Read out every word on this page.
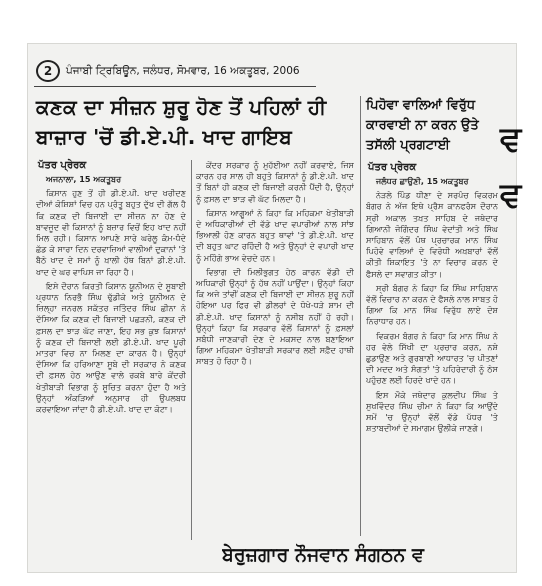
2	ਪੰਜਾਬੀ ਟ੍ਰਿਬਿਊਨ, ਜਲੰਧਰ, ਸੋਮਵਾਰ, 16 ਅਕਤੂਬਰ, 2006
ਕਣਕ ਦਾ ਸੀਜ਼ਨ ਸ਼ੁਰੂ ਹੋਣ ਤੋਂ ਪਹਿਲਾਂ ਹੀ
ਬਾਜ਼ਾਰ 'ਚੋਂ ਡੀ.ਏ.ਪੀ. ਖਾਦ ਗਾਇਬ
ਪਿਹੋਵਾ ਵਾਲਿਆਂ ਵਿਰੁੱਧ ਕਾਰਵਾਈ ਨਾ ਕਰਨ ਉਤੇ ਤਸੱਲੀ ਪ੍ਰਗਟਾਈ
ਪੱਤਰ ਪ੍ਰੇਰਕ

ਅਜਨਾਲਾ, 15 ਅਕਤੂਬਰ

ਕਿਸਾਨ ਹੁਣ ਤੋਂ ਹੀ ਡੀ.ਏ.ਪੀ. ਖਾਦ ਖਰੀਦਣ ਦੀਆਂ ਕੋਸ਼ਿਸ਼ਾਂ ਵਿਚ ਹਨ ਪ੍ਰੰਤੂ ਬਹੁਤ ਦੁੱਖ ਦੀ ਗੱਲ ਹੈ ਕਿ ਕਣਕ ਦੀ ਬਿਜਾਈ ਦਾ ਸੀਜ਼ਨ ਨਾ ਹੋਣ ਦੇ ਬਾਵਜੂਦ ਵੀ ਕਿਸਾਨਾਂ ਨੂੰ ਬਜ਼ਾਰ ਵਿਚੋਂ ਇਹ ਖਾਦ ਨਹੀਂ ਮਿਲ ਰਹੀ। ਕਿਸਾਨ ਆਪਣੇ ਸਾਰੇ ਘਰੇਲੂ ਕੰਮ-ਧੰਦੇ ਛੱਡ ਕੇ ਸਾਰਾ ਦਿਨ ਦਰਵਾਜ਼ਿਆਂ ਵਾਲੀਆਂ ਦੁਕਾਨਾਂ 'ਤੇ ਬੈਠੇ ਖਾਦ ਦੇ ਸਮਾਂ ਨੂੰ ਖ਼ਾਲੀ ਹੱਥ ਬਿਨਾਂ ਡੀ.ਏ.ਪੀ. ਖਾਦ ਦੇ ਘਰ ਵਾਪਿਸ ਜਾ ਰਿਹਾ ਹੈ।

ਇਸੇ ਦੌਰਾਨ ਕਿਰਤੀ ਕਿਸਾਨ ਯੂਨੀਅਨ ਦੇ ਸੂਬਾਈ ਪ੍ਰਧਾਨ ਨਿਰਭੈ ਸਿੰਘ ਢੁੱਡੀਕੇ ਅਤੇ ਯੂਨੀਅਨ ਦੇ ਜ਼ਿਲ੍ਹਾ ਜਨਰਲ ਸਕੱਤਰ ਜਤਿੰਦਰ ਸਿੰਘ ਛੀਨਾ ਨੇ ਦੱਸਿਆ ਕਿ ਕਣਕ ਦੀ ਬਿਜਾਈ ਪਛੜਨੀ, ਕਣਕ ਦੀ ਫ਼ਸਲ ਦਾ ਝਾੜ ਘੱਟ ਜਾਣਾ, ਇਹ ਸਭ ਕੁਝ ਕਿਸਾਨਾਂ ਨੂੰ ਕਣਕ ਦੀ ਬਿਜਾਈ ਲਈ ਡੀ.ਏ.ਪੀ. ਖਾਦ ਪੂਰੀ ਮਾਤਰਾ ਵਿਚ ਨਾ ਮਿਲਣ ਦਾ ਕਾਰਨ ਹੈ। ਉਨ੍ਹਾਂ ਦੱਸਿਆ ਕਿ ਹਰਿਆਣਾ ਸੂਬੇ ਦੀ ਸਰਕਾਰ ਨੇ ਕਣਕ ਦੀ ਫ਼ਸਲ ਹੇਠ ਆਉਣ ਵਾਲੇ ਰਕਬੇ ਬਾਰੇ ਕੇਂਦਰੀ ਖੇਤੀਬਾੜੀ ਵਿਭਾਗ ਨੂੰ ਸੂਚਿਤ ਕਰਨਾ ਹੁੰਦਾ ਹੈ ਅਤੇ ਉਨ੍ਹਾਂ ਅੰਕੜਿਆਂ ਅਨੁਸਾਰ ਹੀ ਉਪਲਬਧ ਕਰਵਾਇਆ ਜਾਂਦਾ ਹੈ ਡੀ.ਏ.ਪੀ. ਖਾਦ ਦਾ ਕੋਟਾ।

ਕੇਂਦਰ ਸਰਕਾਰ ਨੂੰ ਮੁਹੱਈਆ ਨਹੀਂ ਕਰਵਾਏ, ਜਿਸ ਕਾਰਨ ਹਰ ਸਾਲ ਹੀ ਬਹੁਤੇ ਕਿਸਾਨਾਂ ਨੂੰ ਡੀ.ਏ.ਪੀ. ਖਾਦ ਤੋਂ ਬਿਨਾਂ ਹੀ ਕਣਕ ਦੀ ਬਿਜਾਈ ਕਰਨੀ ਪੈਂਦੀ ਹੈ, ਉਨ੍ਹਾਂ ਨੂੰ ਫ਼ਸਲ ਦਾ ਝਾੜ ਵੀ ਘੱਟ ਮਿਲਦਾ ਹੈ।

ਕਿਸਾਨ ਆਗੂਆਂ ਨੇ ਕਿਹਾ ਕਿ ਮਹਿਕਮਾ ਖੇਤੀਬਾੜੀ ਦੇ ਅਧਿਕਾਰੀਆਂ ਦੀ ਵੱਡੇ ਖਾਦ ਵਪਾਰੀਆਂ ਨਾਲ ਸਾਂਝ ਭਿਆਲੀ ਹੋਣ ਕਾਰਨ ਬਹੁਤ ਥਾਵਾਂ 'ਤੇ ਡੀ.ਏ.ਪੀ. ਖਾਦ ਦੀ ਬਹੁਤ ਘਾਟ ਰਹਿੰਦੀ ਹੈ ਅਤੇ ਉਨ੍ਹਾਂ ਦੇ ਵਪਾਰੀ ਖਾਦ ਨੂੰ ਮਹਿੰਗੇ ਭਾਅ ਵੇਚਦੇ ਹਨ।

ਵਿਭਾਗ ਦੀ ਮਿਲੀਭੁਗਤ ਹੇਠ ਕਾਰਨ ਵੱਡੀ ਦੀ ਅਧਿਕਾਰੀ ਉਨ੍ਹਾਂ ਨੂੰ ਹੱਥ ਨਹੀਂ ਪਾਉਂਦਾ। ਉਨ੍ਹਾਂ ਕਿਹਾ ਕਿ ਅਜੇ ਤਾਂਵੀਂ ਕਣਕ ਦੀ ਬਿਜਾਈ ਦਾ ਸੀਜ਼ਨ ਸ਼ੁਰੂ ਨਹੀਂ ਹੋਇਆ ਪਰ ਫਿਰ ਵੀ ਡੀਲਰਾਂ ਦੇ ਧੋਖੇ-ਧੜੇ ਸ਼ਾਮ ਦੀ ਡੀ.ਏ.ਪੀ. ਖਾਦ ਕਿਸਾਨਾਂ ਨੂੰ ਨਸੀਬ ਨਹੀਂ ਹੋ ਰਹੀ। ਉਨ੍ਹਾਂ ਕਿਹਾ ਕਿ ਸਰਕਾਰ ਵੱਲੋਂ ਕਿਸਾਨਾਂ ਨੂੰ ਫ਼ਸਲਾਂ ਸਬੰਧੀ ਜਾਣਕਾਰੀ ਦੇਣ ਦੇ ਮਕਸਦ ਨਾਲ ਬਣਾਇਆ ਗਿਆ ਮਹਿਕਮਾ ਖੇਤੀਬਾੜੀ ਸਰਕਾਰ ਲਈ ਸਫ਼ੈਦ ਹਾਥੀ ਸਾਬਤ ਹੋ ਰਿਹਾ ਹੈ।

ਪੱਤਰ ਪ੍ਰੇਰਕ

ਜਲੰਧਰ ਛਾਉਣੀ, 15 ਅਕਤੂਬਰ

ਨੇੜਲੇ ਪਿੰਡ ਧੀਣਾ ਦੇ ਸਰਪੰਚ ਵਿਕਰਮ ਬੰਗਰ ਨੇ ਅੱਜ ਇਥੇ ਪ੍ਰੈਸ ਕਾਨਫਰੰਸ ਦੌਰਾਨ ਸ੍ਰੀ ਅਕਾਲ ਤਖ਼ਤ ਸਾਹਿਬ ਦੇ ਜਥੇਦਾਰ ਗਿਆਨੀ ਜੋਗਿੰਦਰ ਸਿੰਘ ਵੇਦਾਂਤੀ ਅਤੇ ਸਿੰਘ ਸਾਹਿਬਾਨ ਵੱਲੋਂ ਪੰਥ ਪ੍ਰਚਾਰਕ ਮਾਨ ਸਿੰਘ ਪਿਹੋਵੇ ਵਾਲਿਆਂ ਦੇ ਵਿਰੋਧੀ ਅਖ਼ਬਾਰਾਂ ਵੱਲੋਂ ਕੀਤੀ ਸ਼ਿਕਾਇਤ 'ਤੇ ਨਾ ਵਿਚਾਰ ਕਰਨ ਦੇ ਫੈਸਲੇ ਦਾ ਸਵਾਗਤ ਕੀਤਾ।

ਸ੍ਰੀ ਬੰਗਰ ਨੇ ਕਿਹਾ ਕਿ ਸਿੰਘ ਸਾਹਿਬਾਨ ਵੱਲੋਂ ਵਿਚਾਰ ਨਾ ਕਰਨ ਦੇ ਫੈਸਲੇ ਨਾਲ ਸਾਬਤ ਹੋ ਗਿਆ ਕਿ ਮਾਨ ਸਿੰਘ ਵਿਰੁੱਧ ਲਾਏ ਦੋਸ਼ ਨਿਰਾਧਾਰ ਹਨ।

ਵਿਕਰਮ ਬੰਗਰ ਨੇ ਕਿਹਾ ਕਿ ਮਾਨ ਸਿੰਘ ਨੇ ਹਰ ਵੇਲੇ ਸਿੱਖੀ ਦਾ ਪ੍ਰਚਾਰ ਕਰਨ, ਨਸ਼ੇ ਛੁਡਾਉਣ ਅਤੇ ਗੁਰਬਾਣੀ ਆਧਾਰਤ 'ਚ ਪੀਤਣਾਂ ਦੀ ਮਦਦ ਅਤੇ ਸੰਗਤਾਂ 'ਤੇ ਪਹਿਰੇਦਾਰੀ ਨੂੰ ਠੇਸ ਪਹੁੰਚਣ ਲਈ ਹਿਰਦੇ ਖਾਦੇ ਹਨ।

ਇਸ ਮੌਕੇ ਜਥੇਦਾਰ ਕੁਲਦੀਪ ਸਿੰਘ ਤੇ ਸੁਖਵਿੰਦਰ ਸਿੰਘ ਚੀਮਾ ਨੇ ਕਿਹਾ ਕਿ ਆਉਂਦੇ ਸਮੇਂ 'ਚ ਉਨ੍ਹਾਂ ਵੱਲੋਂ ਵੱਡੇ ਪੱਧਰ 'ਤੇ ਸ਼ਤਾਬਦੀਆਂ ਦੇ ਸਮਾਗਮ ਉਲੀਕੇ ਜਾਣਗੇ।

ਵ
ਵ
ਬੇਰੁਜ਼ਗਾਰ ਨੌਜਵਾਨ ਸੰਗਠਨ ਵ
